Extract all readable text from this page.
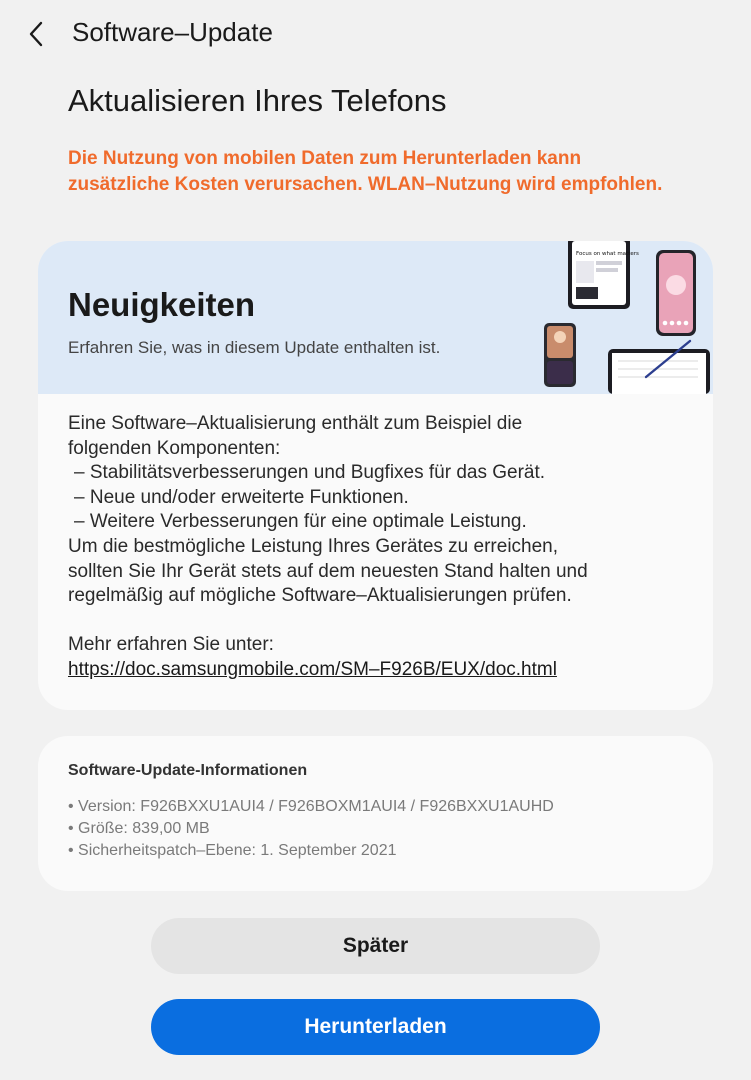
Software–Update
Aktualisieren Ihres Telefons
Die Nutzung von mobilen Daten zum Herunterladen kann zusätzliche Kosten verursachen. WLAN–Nutzung wird empfohlen.
Neuigkeiten
Erfahren Sie, was in diesem Update enthalten ist.
Focus on what matters
Eine Software–Aktualisierung enthält zum Beispiel die
folgenden Komponenten:
– Stabilitätsverbesserungen und Bugfixes für das Gerät.
– Neue und/oder erweiterte Funktionen.
– Weitere Verbesserungen für eine optimale Leistung.
Um die bestmögliche Leistung Ihres Gerätes zu erreichen,
sollten Sie Ihr Gerät stets auf dem neuesten Stand halten und
regelmäßig auf mögliche Software–Aktualisierungen prüfen.
Mehr erfahren Sie unter:
https://doc.samsungmobile.com/SM–F926B/EUX/doc.html
Software-Update-Informationen
• Version: F926BXXU1AUI4 / F926BOXM1AUI4 / F926BXXU1AUHD
• Größe: 839,00 MB
• Sicherheitspatch–Ebene: 1. September 2021
Später
Herunterladen
